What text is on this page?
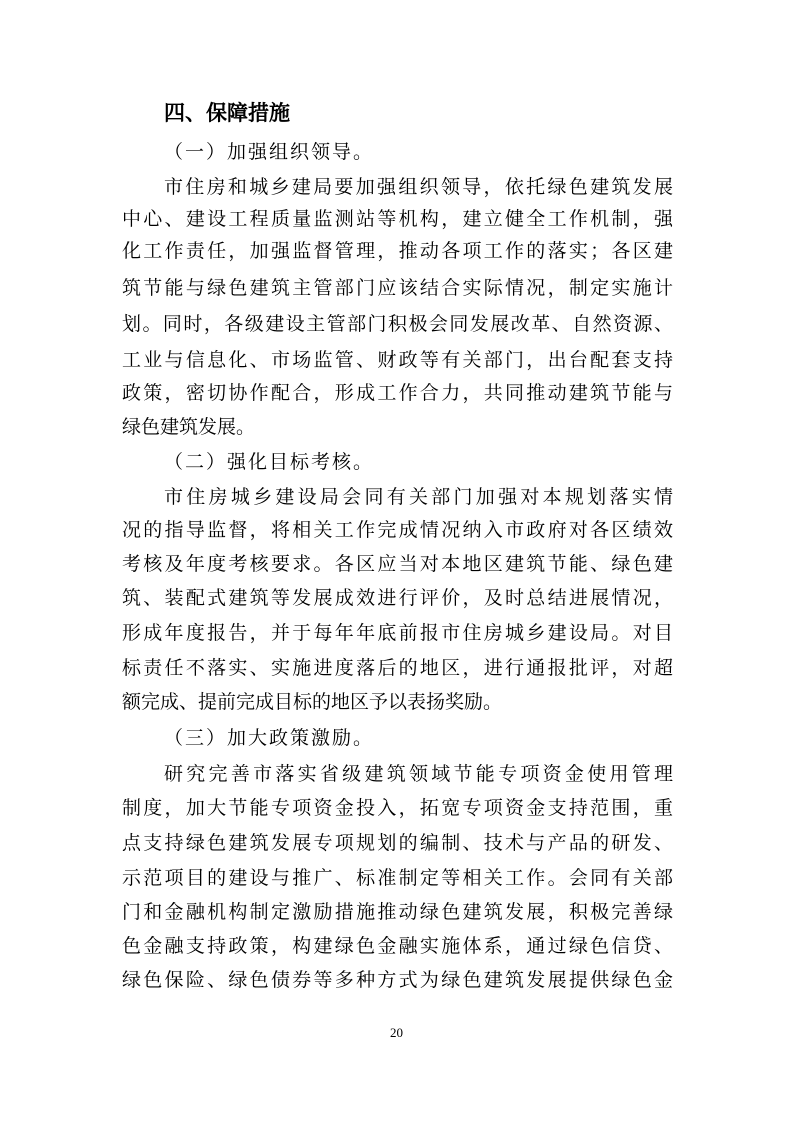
四、保障措施
（一）加强组织领导。
市住房和城乡建局要加强组织领导，依托绿色建筑发展
中心、建设工程质量监测站等机构，建立健全工作机制，强
化工作责任，加强监督管理，推动各项工作的落实；各区建
筑节能与绿色建筑主管部门应该结合实际情况，制定实施计
划。同时，各级建设主管部门积极会同发展改革、自然资源、
工业与信息化、市场监管、财政等有关部门，出台配套支持
政策，密切协作配合，形成工作合力，共同推动建筑节能与
绿色建筑发展。
（二）强化目标考核。
市住房城乡建设局会同有关部门加强对本规划落实情
况的指导监督，将相关工作完成情况纳入市政府对各区绩效
考核及年度考核要求。各区应当对本地区建筑节能、绿色建
筑、装配式建筑等发展成效进行评价，及时总结进展情况，
形成年度报告，并于每年年底前报市住房城乡建设局。对目
标责任不落实、实施进度落后的地区，进行通报批评，对超
额完成、提前完成目标的地区予以表扬奖励。
（三）加大政策激励。
研究完善市落实省级建筑领域节能专项资金使用管理
制度，加大节能专项资金投入，拓宽专项资金支持范围，重
点支持绿色建筑发展专项规划的编制、技术与产品的研发、
示范项目的建设与推广、标准制定等相关工作。会同有关部
门和金融机构制定激励措施推动绿色建筑发展，积极完善绿
色金融支持政策，构建绿色金融实施体系，通过绿色信贷、
绿色保险、绿色债券等多种方式为绿色建筑发展提供绿色金
20
